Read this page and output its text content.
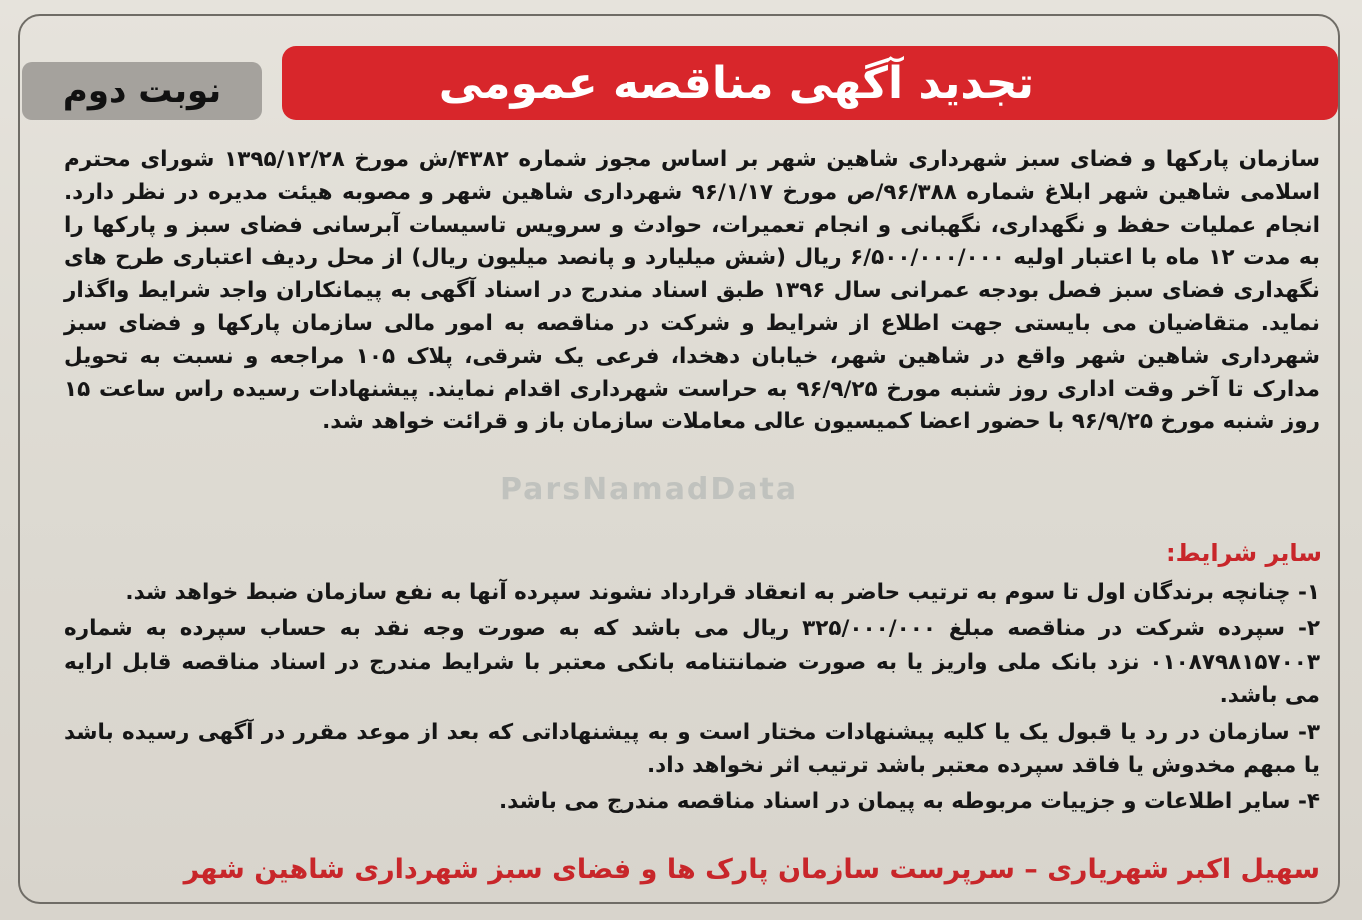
تجدید آگهی مناقصه عمومی
نوبت دوم

سازمان پارکها و فضای سبز شهرداری شاهین شهر بر اساس مجوز شماره ۴۳۸۲/ش مورخ ۱۳۹۵/۱۲/۲۸ شورای محترم اسلامی شاهین شهر ابلاغ شماره ۹۶/۳۸۸/ص مورخ ۹۶/۱/۱۷ شهرداری شاهین شهر و مصوبه هیئت مدیره در نظر دارد. انجام عملیات حفظ و نگهداری، نگهبانی و انجام تعمیرات، حوادث و سرویس تاسیسات آبرسانی فضای سبز و پارکها را به مدت ۱۲ ماه با اعتبار اولیه ۶/۵۰۰/۰۰۰/۰۰۰ ریال (شش میلیارد و پانصد میلیون ریال) از محل ردیف اعتباری طرح های نگهداری فضای سبز فصل بودجه عمرانی سال ۱۳۹۶ طبق اسناد مندرج در اسناد آگهی به پیمانکاران واجد شرایط واگذار نماید. متقاضیان می بایستی جهت اطلاع از شرایط و شرکت در مناقصه به امور مالی سازمان پارکها و فضای سبز شهرداری شاهین شهر واقع در شاهین شهر، خیابان دهخدا، فرعی یک شرقی، پلاک ۱۰۵ مراجعه و نسبت به تحویل مدارک تا آخر وقت اداری روز شنبه مورخ ۹۶/۹/۲۵ به حراست شهرداری اقدام نمایند. پیشنهادات رسیده راس ساعت ۱۵ روز شنبه مورخ ۹۶/۹/۲۵ با حضور اعضا کمیسیون عالی معاملات سازمان باز و قرائت خواهد شد.

ParsNamadData
سایر شرایط:
۱- چنانچه برندگان اول تا سوم به ترتیب حاضر به انعقاد قرارداد نشوند سپرده آنها به نفع سازمان ضبط خواهد شد.
۲- سپرده شرکت در مناقصه مبلغ ۳۲۵/۰۰۰/۰۰۰ ریال می باشد که به صورت وجه نقد به حساب سپرده به شماره ۰۱۰۸۷۹۸۱۵۷۰۰۳ نزد بانک ملی واریز یا به صورت ضمانتنامه بانکی معتبر با شرایط مندرج در اسناد مناقصه قابل ارایه می باشد.
۳- سازمان در رد یا قبول یک یا کلیه پیشنهادات مختار است و به پیشنهاداتی که بعد از موعد مقرر در آگهی رسیده باشد یا مبهم مخدوش یا فاقد سپرده معتبر باشد ترتیب اثر نخواهد داد.
۴- سایر اطلاعات و جزییات مربوطه به پیمان در اسناد مناقصه مندرج می باشد.
سهیل اکبر شهریاری – سرپرست سازمان پارک ها و فضای سبز شهرداری شاهین شهر
